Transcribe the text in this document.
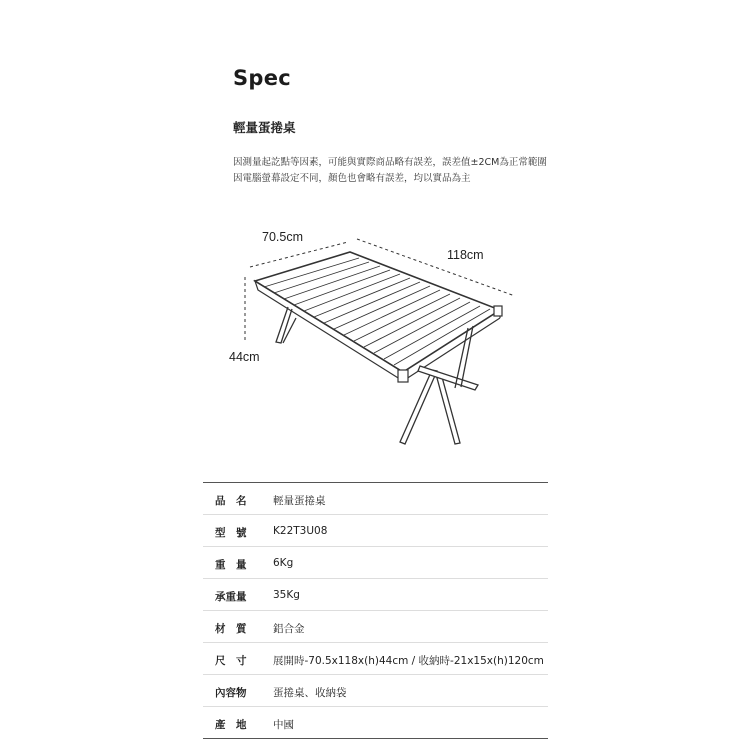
Spec
輕量蛋捲桌
因測量起訖點等因素，可能與實際商品略有誤差，誤差值±2CM為正常範圍
因電腦螢幕設定不同，顏色也會略有誤差，均以實品為主
70.5cm
118cm
44cm
品　名	輕量蛋捲桌
型　號	K22T3U08
重　量	6Kg
承重量	35Kg
材　質	鋁合金
尺　寸	展開時-70.5x118x(h)44cm / 收納時-21x15x(h)120cm
內容物	蛋捲桌、收納袋
產　地	中國
